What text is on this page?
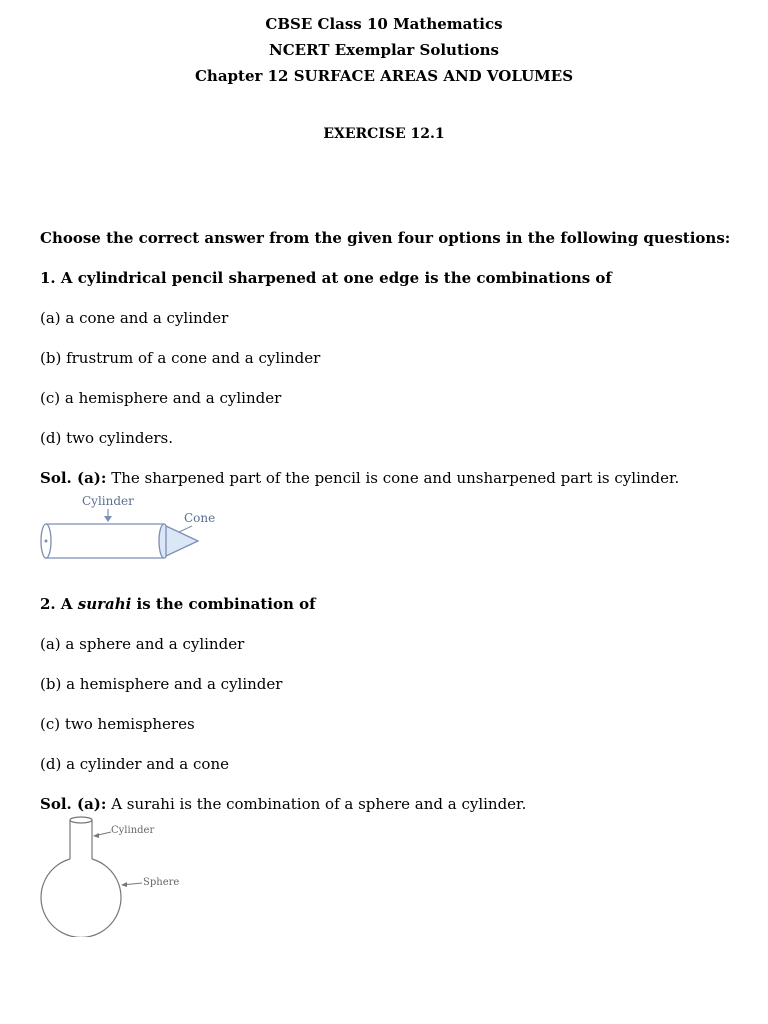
CBSE Class 10 Mathematics
NCERT Exemplar Solutions
Chapter 12 SURFACE AREAS AND VOLUMES
EXERCISE 12.1
Choose the correct answer from the given four options in the following questions:
1. A cylindrical pencil sharpened at one edge is the combinations of
(a) a cone and a cylinder
(b) frustrum of a cone and a cylinder
(c) a hemisphere and a cylinder
(d) two cylinders.
Sol. (a): The sharpened part of the pencil is cone and unsharpened part is cylinder.
Cylinder
Cone
2. A surahi is the combination of
(a) a sphere and a cylinder
(b) a hemisphere and a cylinder
(c) two hemispheres
(d) a cylinder and a cone
Sol. (a): A surahi is the combination of a sphere and a cylinder.
Cylinder
Sphere
